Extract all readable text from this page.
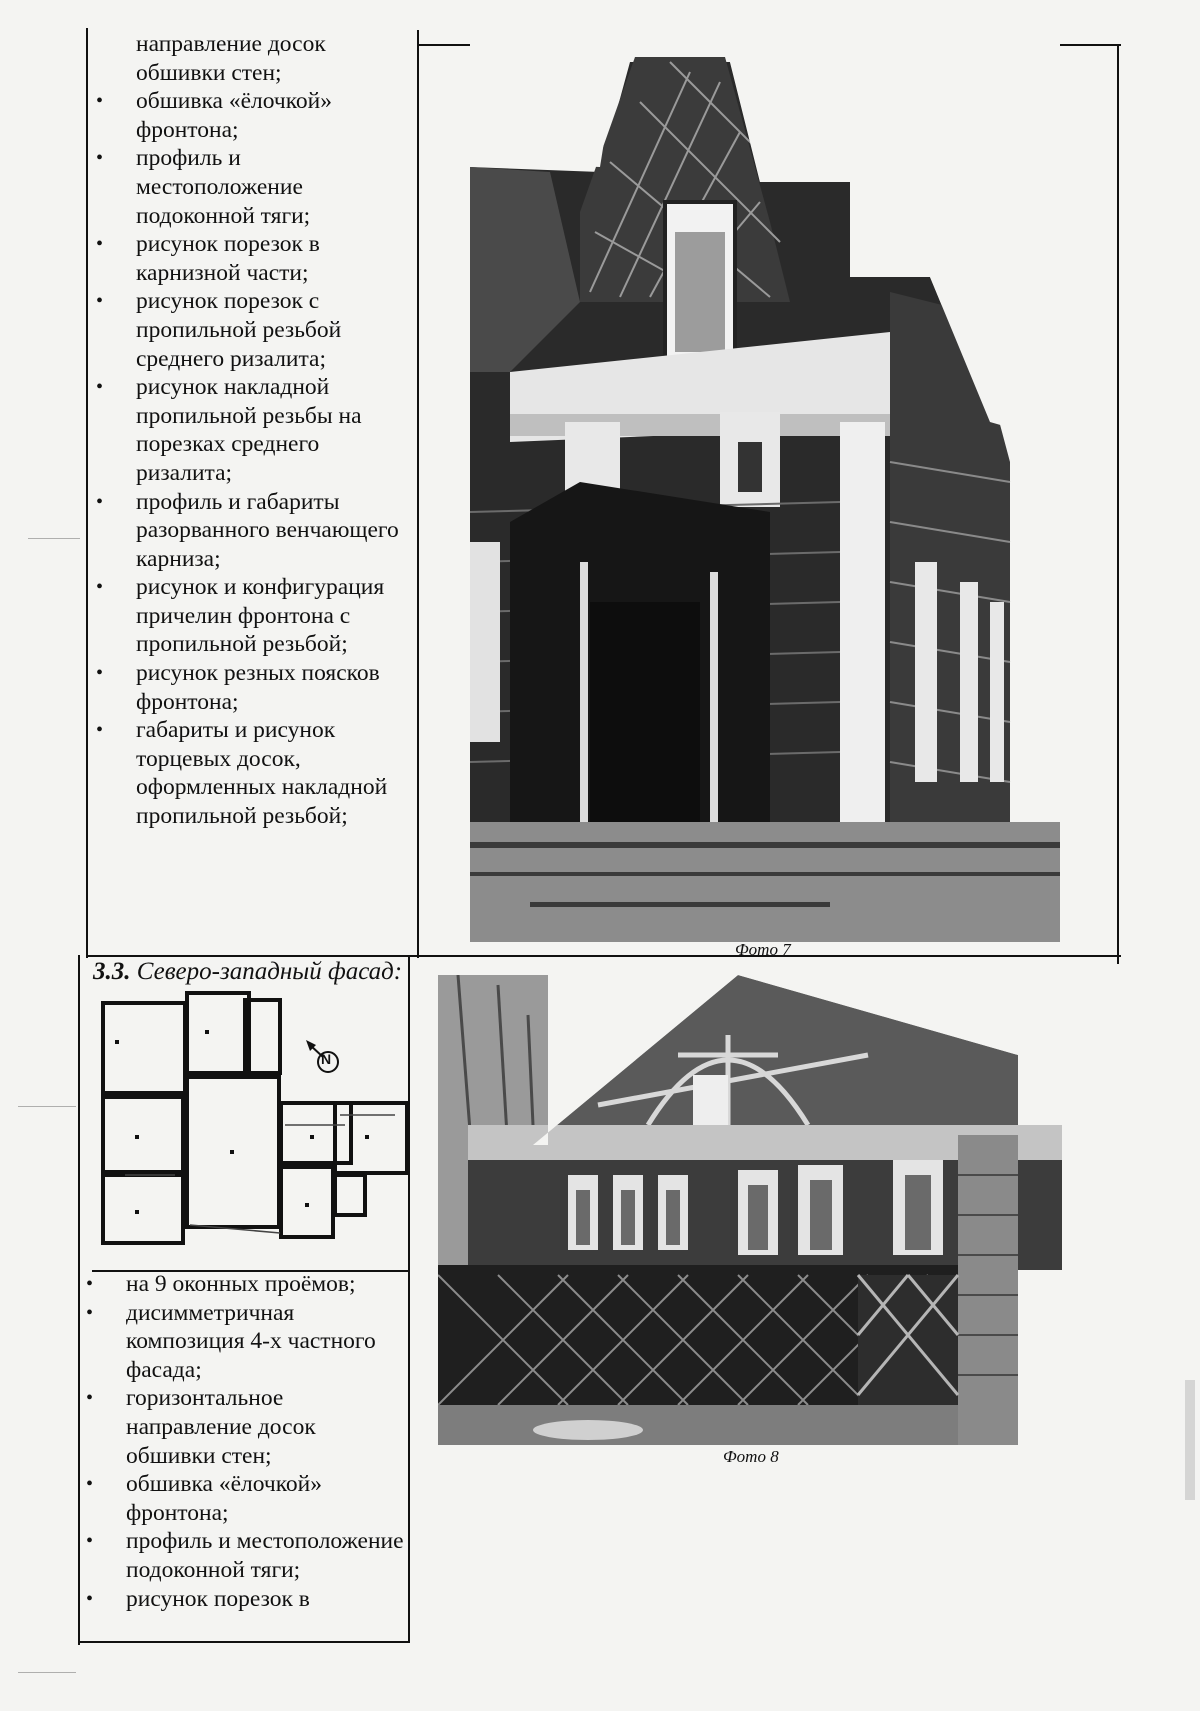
направление досок обшивки стен;
• обшивка «ёлочкой» фронтона;
• профиль и местоположение подоконной тяги;
• рисунок порезок в карнизной части;
• рисунок порезок с пропильной резьбой среднего ризалита;
• рисунок накладной пропильной резьбы на порезках среднего ризалита;
• профиль и габариты разорванного венчающего карниза;
• рисунок и конфигурация причелин фронтона с пропильной резьбой;
• рисунок резных поясков фронтона;
• габариты и рисунок торцевых досок, оформленных накладной пропильной резьбой;
Фото 7
3.3. Северо-западный фасад:
N
Фото 8
• на 9 оконных проёмов;
• дисимметричная композиция 4-х частного фасада;
• горизонтальное направление досок обшивки стен;
• обшивка «ёлочкой» фронтона;
• профиль и местоположение подоконной тяги;
• рисунок порезок в
